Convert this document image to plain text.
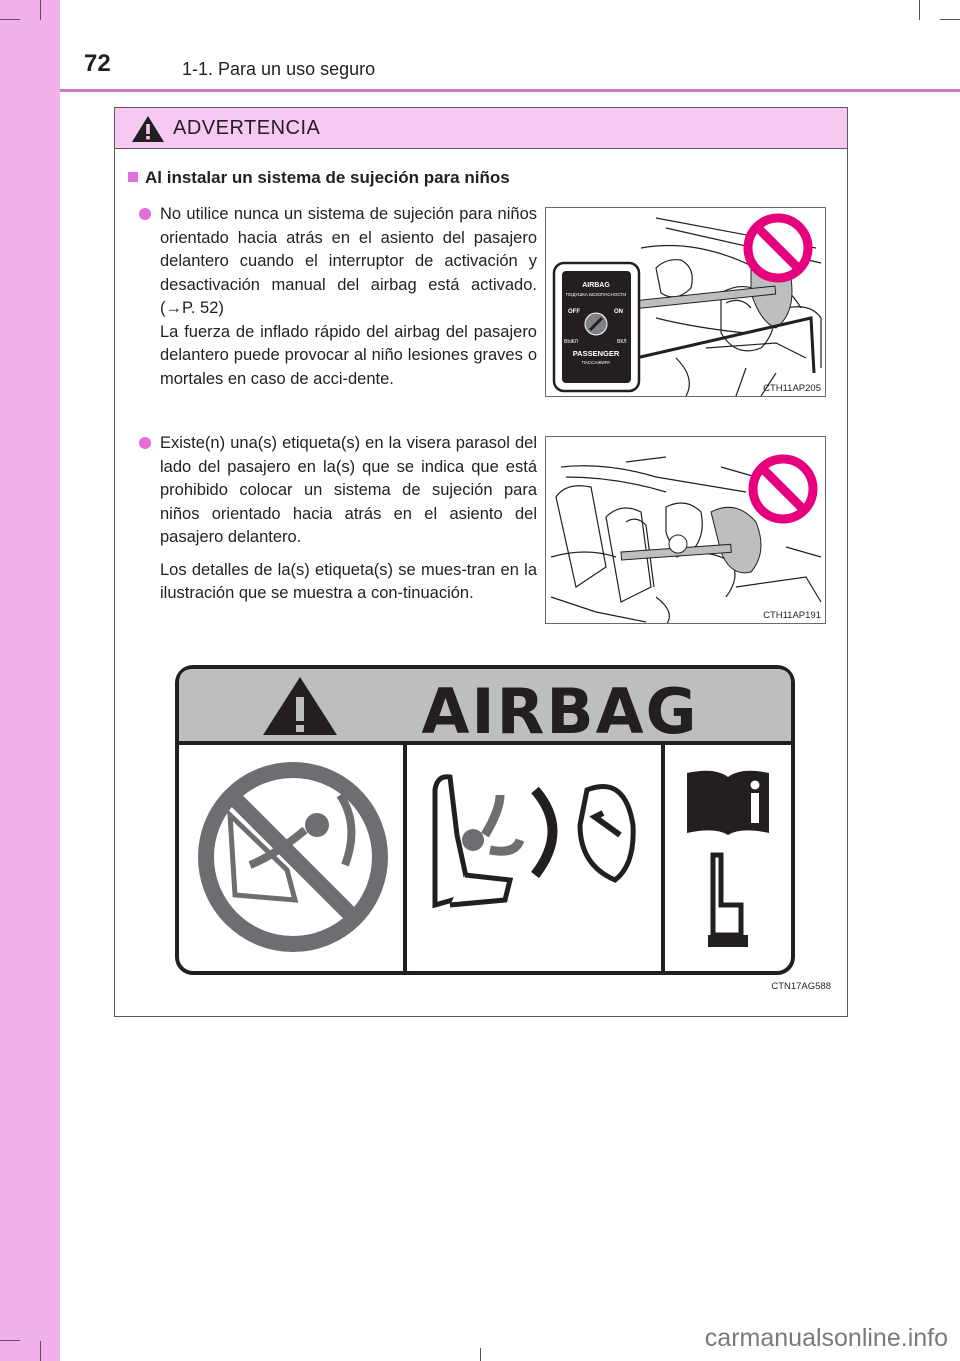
72	1-1. Para un uso seguro
ADVERTENCIA
Al instalar un sistema de sujeción para niños

No utilice nunca un sistema de sujeción para niños orientado hacia atrás en el asiento del pasajero delantero cuando el interruptor de activación y desactivación manual del airbag está activado. (→P. 52)

La fuerza de inflado rápido del airbag del pasajero delantero puede provocar al niño lesiones graves o mortales en caso de acci-dente.

Existe(n) una(s) etiqueta(s) en la visera parasol del lado del pasajero en la(s) que se indica que está prohibido colocar un sistema de sujeción para niños orientado hacia atrás en el asiento del pasajero delantero.

Los detalles de la(s) etiqueta(s) se mues-tran en la ilustración que se muestra a con-tinuación.

AIRBAG
ПОДУШКА БЕЗОПАСНОСТИ
OFF	ON
ВЫКЛ	ВКЛ
PASSENGER
ПАССАЖИРА
CTH11AP205
CTH11AP191
AIRBAG
CTN17AG588
carmanualsonline.info
